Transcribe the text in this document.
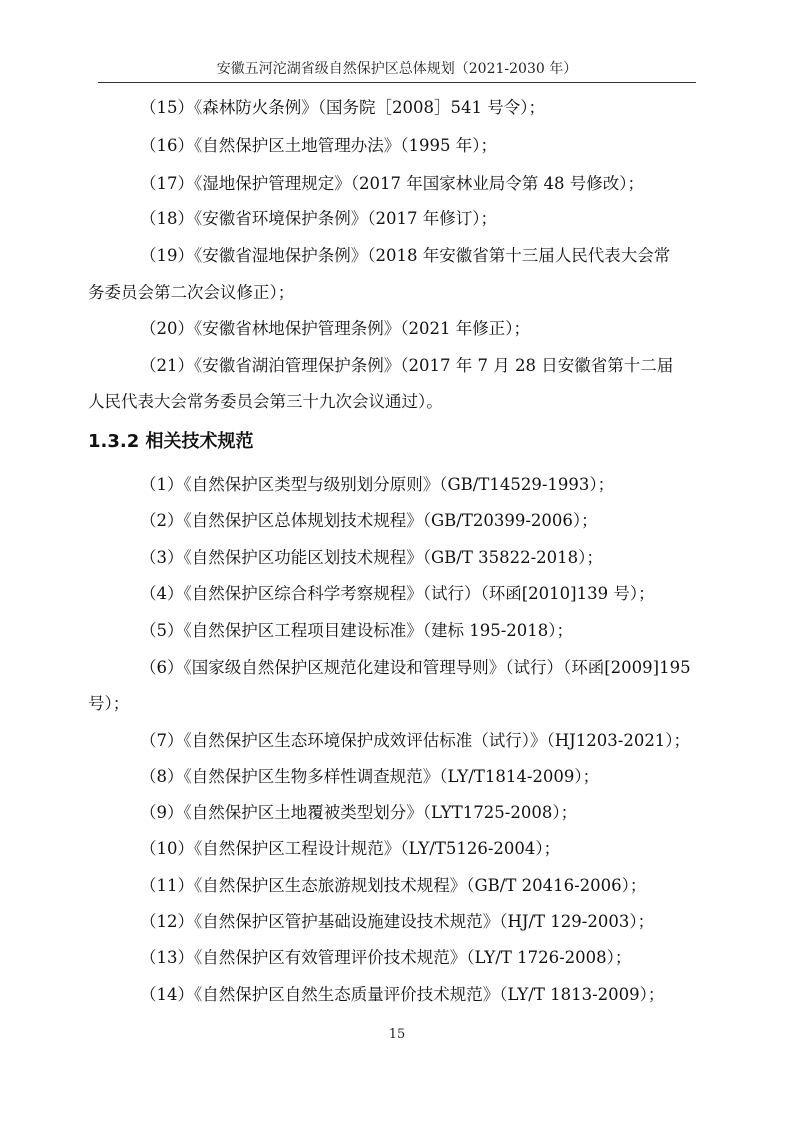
安徽五河沱湖省级自然保护区总体规划（2021-2030 年）
（15）《森林防火条例》（国务院［2008］541 号令）；
（16）《自然保护区土地管理办法》（1995 年）；
（17）《湿地保护管理规定》（2017 年国家林业局令第 48 号修改）；
（18）《安徽省环境保护条例》（2017 年修订）；
（19）《安徽省湿地保护条例》（2018 年安徽省第十三届人民代表大会常
务委员会第二次会议修正）；
（20）《安徽省林地保护管理条例》（2021 年修正）；
（21）《安徽省湖泊管理保护条例》（2017 年 7 月 28 日安徽省第十二届
人民代表大会常务委员会第三十九次会议通过）。
1.3.2 相关技术规范
（1）《自然保护区类型与级别划分原则》（GB/T14529-1993）；
（2）《自然保护区总体规划技术规程》（GB/T20399-2006）；
（3）《自然保护区功能区划技术规程》（GB/T 35822-2018）；
（4）《自然保护区综合科学考察规程》（试行）（环函[2010]139 号）；
（5）《自然保护区工程项目建设标准》（建标 195-2018）；
（6）《国家级自然保护区规范化建设和管理导则》（试行）（环函[2009]195
号）；
（7）《自然保护区生态环境保护成效评估标准（试行）》（HJ1203-2021）；
（8）《自然保护区生物多样性调查规范》（LY/T1814-2009）；
（9）《自然保护区土地覆被类型划分》（LYT1725-2008）；
（10）《自然保护区工程设计规范》（LY/T5126-2004）；
（11）《自然保护区生态旅游规划技术规程》（GB/T 20416-2006）；
（12）《自然保护区管护基础设施建设技术规范》（HJ/T 129-2003）；
（13）《自然保护区有效管理评价技术规范》（LY/T 1726-2008）；
（14）《自然保护区自然生态质量评价技术规范》（LY/T 1813-2009）；
15
